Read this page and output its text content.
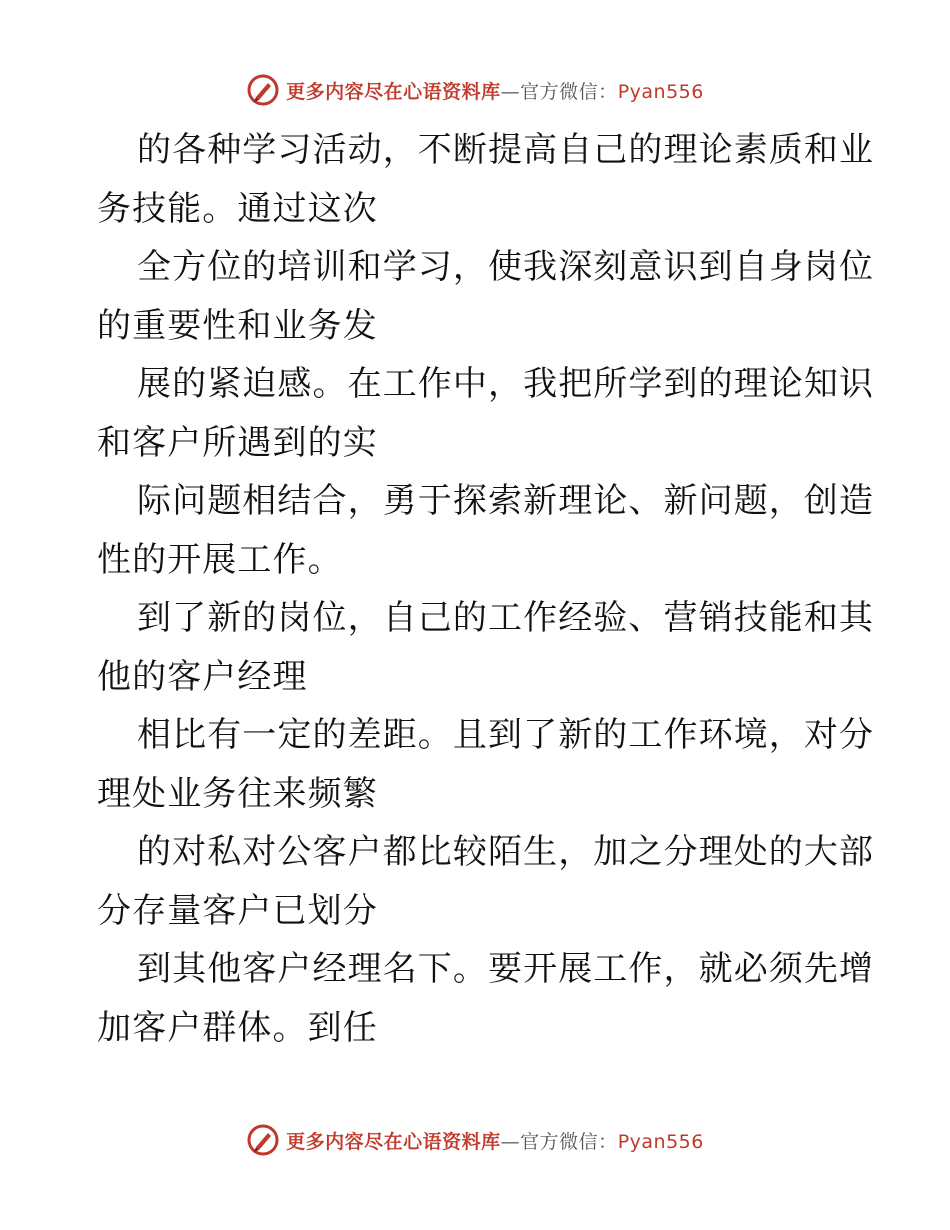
更多内容尽在心语资料库—官方微信：Pyan556
的各种学习活动，不断提高自己的理论素质和业
务技能。通过这次
全方位的培训和学习，使我深刻意识到自身岗位
的重要性和业务发
展的紧迫感。在工作中，我把所学到的理论知识
和客户所遇到的实
际问题相结合，勇于探索新理论、新问题，创造
性的开展工作。
到了新的岗位，自己的工作经验、营销技能和其
他的客户经理
相比有一定的差距。且到了新的工作环境，对分
理处业务往来频繁
的对私对公客户都比较陌生，加之分理处的大部
分存量客户已划分
到其他客户经理名下。要开展工作，就必须先增
加客户群体。到任
更多内容尽在心语资料库—官方微信：Pyan556
